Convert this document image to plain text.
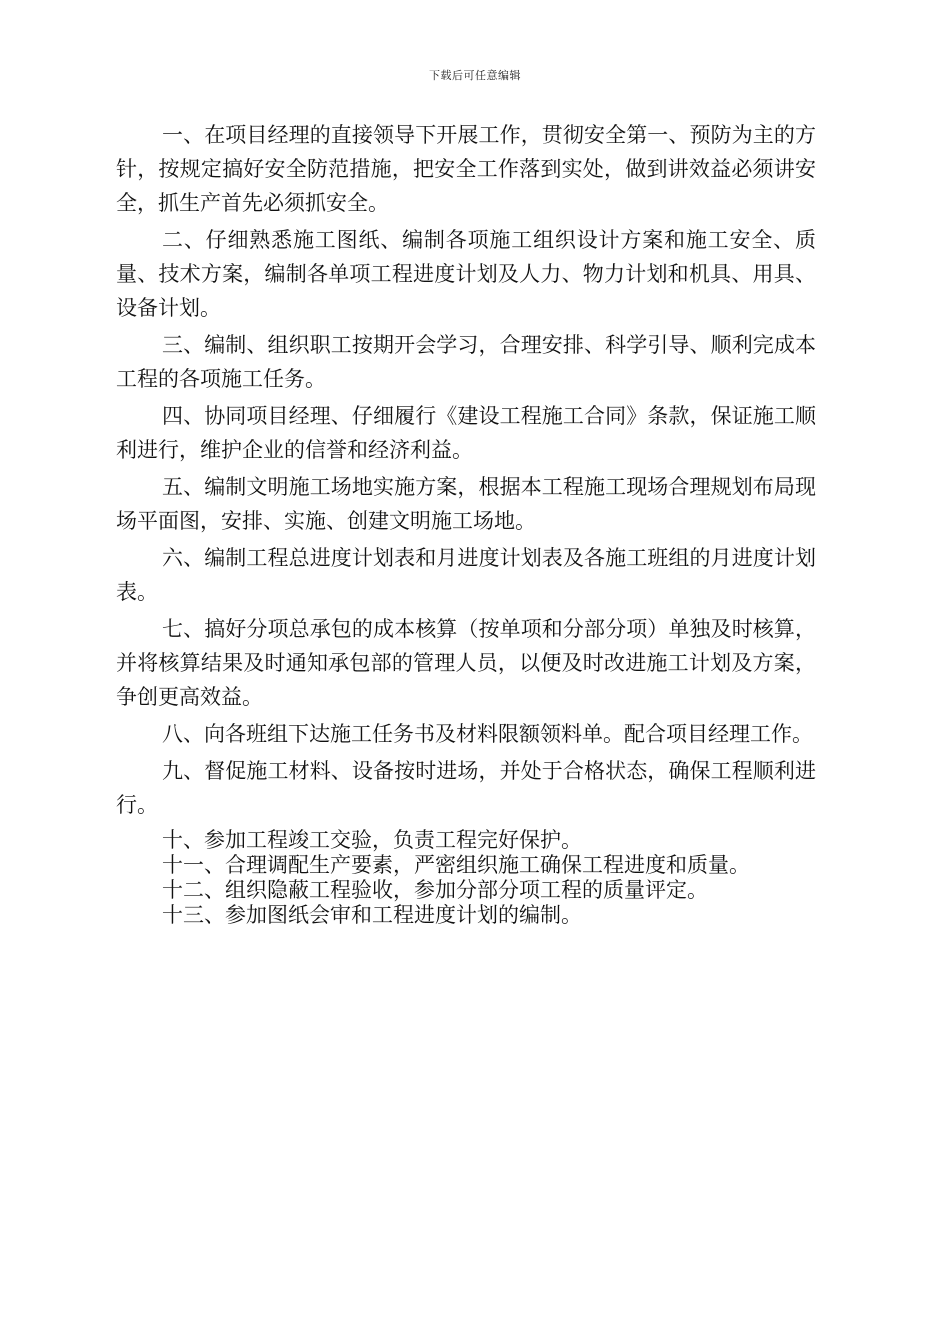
下载后可任意编辑

一、在项目经理的直接领导下开展工作，贯彻安全第一、预防为主的方针，按规定搞好安全防范措施，把安全工作落到实处，做到讲效益必须讲安全，抓生产首先必须抓安全。

二、仔细熟悉施工图纸、编制各项施工组织设计方案和施工安全、质量、技术方案，编制各单项工程进度计划及人力、物力计划和机具、用具、设备计划。

三、编制、组织职工按期开会学习，合理安排、科学引导、顺利完成本工程的各项施工任务。

四、协同项目经理、仔细履行《建设工程施工合同》条款，保证施工顺利进行，维护企业的信誉和经济利益。

五、编制文明施工场地实施方案，根据本工程施工现场合理规划布局现场平面图，安排、实施、创建文明施工场地。

六、编制工程总进度计划表和月进度计划表及各施工班组的月进度计划表。

七、搞好分项总承包的成本核算（按单项和分部分项）单独及时核算，并将核算结果及时通知承包部的管理人员，以便及时改进施工计划及方案，争创更高效益。

八、向各班组下达施工任务书及材料限额领料单。配合项目经理工作。

九、督促施工材料、设备按时进场，并处于合格状态，确保工程顺利进行。

十、参加工程竣工交验，负责工程完好保护。

十一、合理调配生产要素，严密组织施工确保工程进度和质量。

十二、组织隐蔽工程验收，参加分部分项工程的质量评定。

十三、参加图纸会审和工程进度计划的编制。
